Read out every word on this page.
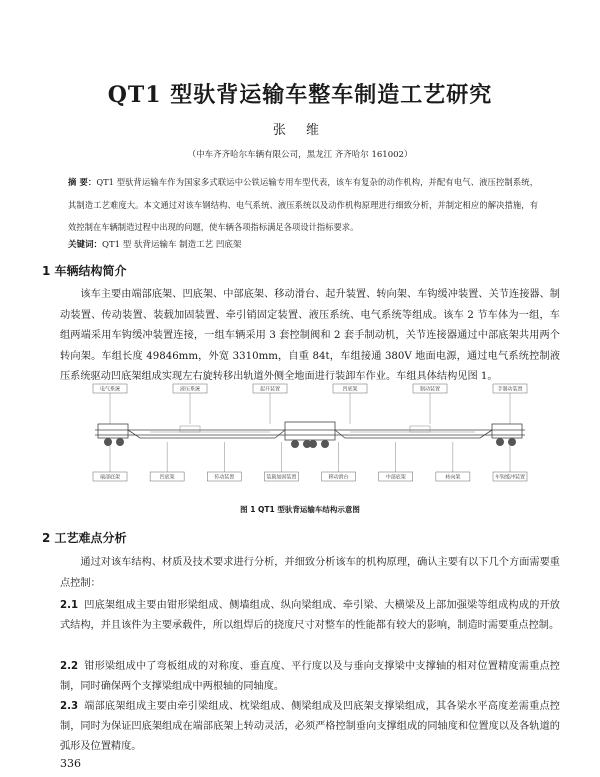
QT1 型驮背运输车整车制造工艺研究
张 维
（中车齐齐哈尔车辆有限公司，黑龙江 齐齐哈尔 161002）
摘 要：QT1 型驮背运输车作为国家多式联运中公铁运输专用车型代表，该车有复杂的动作机构，并配有电气、液压控制系统，其制造工艺难度大。本文通过对该车钢结构、电气系统、液压系统以及动作机构原理进行细致分析，并制定相应的解决措施，有效控制在车辆制造过程中出现的问题，使车辆各项指标满足各项设计指标要求。
关键词：QT1 型 驮背运输车 制造工艺 凹底架
1 车辆结构简介
该车主要由端部底架、凹底架、中部底架、移动滑台、起升装置、转向架、车钩缓冲装置、关节连接器、制动装置、传动装置、装载加固装置、牵引销固定装置、液压系统、电气系统等组成。该车 2 节车体为一组，车组两端采用车钩缓冲装置连接，一组车辆采用 3 套控制阀和 2 套手制动机，关节连接器通过中部底架共用两个转向架。车组长度 49846mm，外宽 3310mm，自重 84t，车组接通 380V 地面电源，通过电气系统控制液压系统驱动凹底架组成实现左右旋转移出轨道外侧全地面进行装卸车作业。车组具体结构见图 1。
电气系统	液压系统	起升装置	凹底架	制动装置	手制动装置
端部底架	凹底架	传动装置	装载加固装置	移动滑台	中部底架	转向架	车钩缓冲装置
图 1 QT1 型驮背运输车结构示意图
2 工艺难点分析
通过对该车结构、材质及技术要求进行分析，并细致分析该车的机构原理，确认主要有以下几个方面需要重点控制：
2.1 凹底架组成主要由钳形梁组成、侧墙组成、纵向梁组成、牵引梁、大横梁及上部加强梁等组成构成的开放式结构，并且该件为主要承载件，所以组焊后的挠度尺寸对整车的性能都有较大的影响，制造时需要重点控制。
2.2 钳形梁组成中了弯板组成的对称度、垂直度、平行度以及与垂向支撑梁中支撑轴的相对位置精度需重点控制，同时确保两个支撑梁组成中两根轴的同轴度。
2.3 端部底架组成主要由牵引梁组成、枕梁组成、侧梁组成及凹底架支撑梁组成，其各梁水平高度差需重点控制，同时为保证凹底架组成在端部底架上转动灵活，必须严格控制垂向支撑组成的同轴度和位置度以及各轨道的弧形及位置精度。
336
